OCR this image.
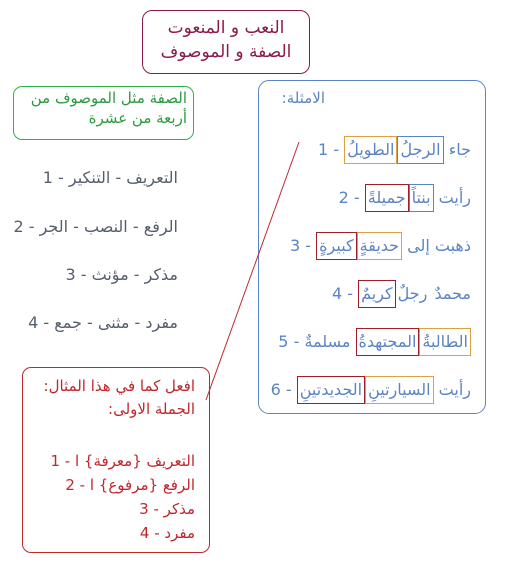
النعب و المنعوت
الصفة و الموصوف
الصفة مثل الموصوف من
أربعة من عشرة
التعريف - التنكير - 1
الرفع - النصب - الجر - 2
مذكر - مؤنث - 3
مفرد - مثنى - جمع - 4
الامثلة:
جاء الرجلُالطويلُ - 1
رأيت بنتاًجميلةً - 2
ذهبت إلى حديقةٍكبيرةٍ - 3
محمدٌ رجلٌكريمٌ - 4
الطالبةُالمجتهدةُ مسلمةٌ - 5
رأيت السيارتينِالجديدتينِ - 6
افعل كما في هذا المثال:
الجملة الاولى:
التعريف {معرفة} ا - 1
الرفع {مرفوع} ا - 2
مذكر - 3
مفرد - 4
